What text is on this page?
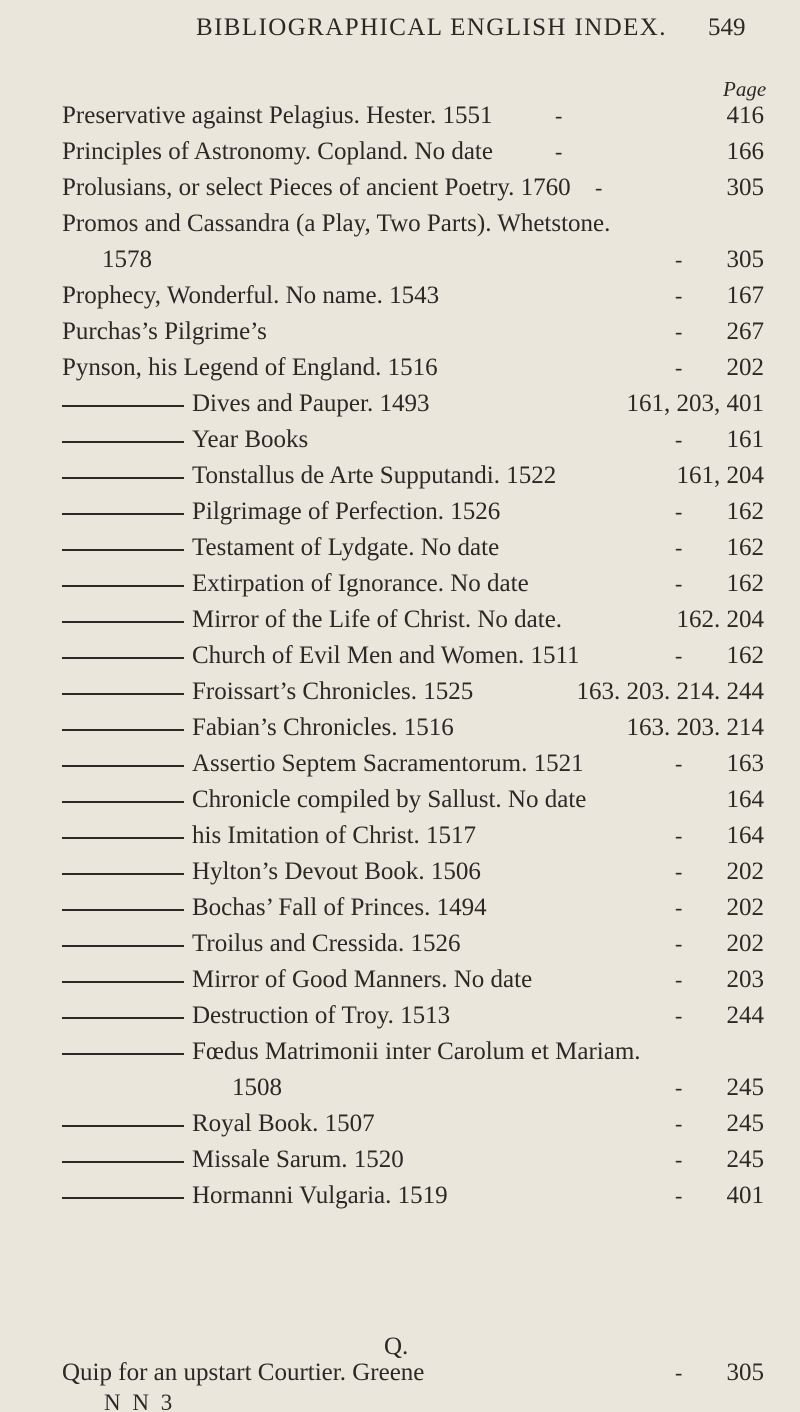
BIBLIOGRAPHICAL ENGLISH INDEX. 549
Page
Preservative against Pelagius. Hester. 1551	-	416
Principles of Astronomy. Copland. No date	-	166
Prolusians, or select Pieces of ancient Poetry. 1760 -	305
Promos and Cassandra (a Play, Two Parts). Whetstone.
1578	- 305
Prophecy, Wonderful. No name. 1543	- 167
Purchas’s Pilgrime’s	- 267
Pynson, his Legend of England. 1516	- 202
Dives and Pauper. 1493	161, 203, 401
Year Books	- 161
Tonstallus de Arte Supputandi. 1522	161, 204
Pilgrimage of Perfection. 1526	- 162
Testament of Lydgate. No date	- 162
Extirpation of Ignorance. No date	- 162
Mirror of the Life of Christ. No date.	162. 204
Church of Evil Men and Women. 1511	- 162
Froissart’s Chronicles. 1525	163. 203. 214. 244
Fabian’s Chronicles. 1516	163. 203. 214
Assertio Septem Sacramentorum. 1521	- 163
Chronicle compiled by Sallust. No date	164
his Imitation of Christ. 1517	- 164
Hylton’s Devout Book. 1506	- 202
Bochas’ Fall of Princes. 1494	- 202
Troilus and Cressida. 1526	- 202
Mirror of Good Manners. No date	- 203
Destruction of Troy. 1513	- 244
Fœdus Matrimonii inter Carolum et Mariam.
1508	- 245
Royal Book. 1507	- 245
Missale Sarum. 1520	- 245
Hormanni Vulgaria. 1519	- 401
Q.
Quip for an upstart Courtier. Greene	- 305
N N 3
